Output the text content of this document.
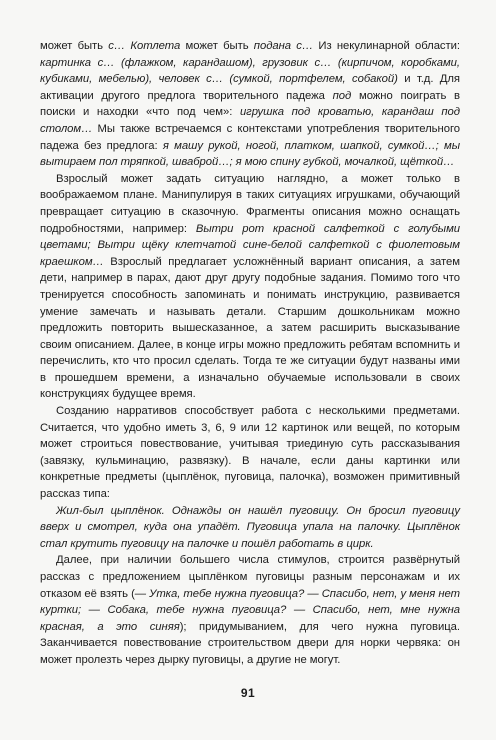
может быть с… Котлета может быть подана с… Из некулинарной области: картинка с… (флажком, карандашом), грузовик с… (кирпичом, коробками, кубиками, мебелью), человек с… (сумкой, портфелем, собакой) и т.д. Для активации другого предлога творительного падежа под можно поиграть в поиски и находки «что под чем»: игрушка под кроватью, карандаш под столом… Мы также встречаемся с контекстами употребления творительного падежа без предлога: я машу рукой, ногой, платком, шапкой, сумкой…; мы вытираем пол тряпкой, шваброй…; я мою спину губкой, мочалкой, щёткой…

Взрослый может задать ситуацию наглядно, а может только в воображаемом плане. Манипулируя в таких ситуациях игрушками, обучающий превращает ситуацию в сказочную. Фрагменты описания можно оснащать подробностями, например: Вытри рот красной салфеткой с голубыми цветами; Вытри щёку клетчатой сине-белой салфеткой с фиолетовым краешком… Взрослый предлагает усложнённый вариант описания, а затем дети, например в парах, дают друг другу подобные задания. Помимо того что тренируется способность запоминать и понимать инструкцию, развивается умение замечать и называть детали. Старшим дошкольникам можно предложить повторить вышесказанное, а затем расширить высказывание своим описанием. Далее, в конце игры можно предложить ребятам вспомнить и перечислить, кто что просил сделать. Тогда те же ситуации будут названы ими в прошедшем времени, а изначально обучаемые использовали в своих конструкциях будущее время.

Созданию нарративов способствует работа с несколькими предметами. Считается, что удобно иметь 3, 6, 9 или 12 картинок или вещей, по которым может строиться повествование, учитывая триединую суть рассказывания (завязку, кульминацию, развязку). В начале, если даны картинки или конкретные предметы (цыплёнок, пуговица, палочка), возможен примитивный рассказ типа:

Жил-был цыплёнок. Однажды он нашёл пуговицу. Он бросил пуговицу вверх и смотрел, куда она упадёт. Пуговица упала на палочку. Цыплёнок стал крутить пуговицу на палочке и пошёл работать в цирк.

Далее, при наличии большего числа стимулов, строится развёрнутый рассказ с предложением цыплёнком пуговицы разным персонажам и их отказом её взять (— Утка, тебе нужна пуговица? — Спасибо, нет, у меня нет куртки; — Собака, тебе нужна пуговица? — Спасибо, нет, мне нужна красная, а это синяя); придумыванием, для чего нужна пуговица. Заканчивается повествование строительством двери для норки червяка: он может пролезть через дырку пуговицы, а другие не могут.

91
